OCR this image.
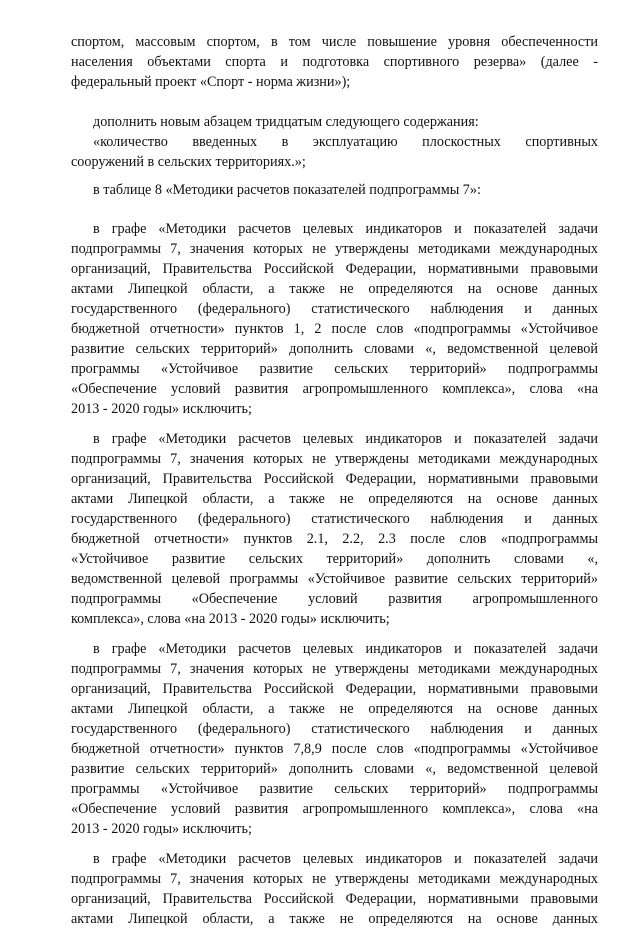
спортом, массовым спортом, в том числе повышение уровня обеспеченности
населения объектами спорта и подготовка спортивного резерва» (далее -
федеральный проект «Спорт - норма жизни»);
дополнить новым абзацем тридцатым следующего содержания:
«количество введенных в эксплуатацию плоскостных спортивных
сооружений в сельских территориях.»;
в таблице 8 «Методики расчетов показателей подпрограммы 7»:
в графе «Методики расчетов целевых индикаторов и показателей задачи
подпрограммы 7, значения которых не утверждены методиками международных
организаций, Правительства Российской Федерации, нормативными правовыми
актами Липецкой области, а также не определяются на основе данных
государственного (федерального) статистического наблюдения и данных
бюджетной отчетности» пунктов 1, 2 после слов «подпрограммы «Устойчивое
развитие сельских территорий» дополнить словами «, ведомственной целевой
программы «Устойчивое развитие сельских территорий» подпрограммы
«Обеспечение условий развития агропромышленного комплекса», слова «на
2013 - 2020 годы» исключить;
в графе «Методики расчетов целевых индикаторов и показателей задачи
подпрограммы 7, значения которых не утверждены методиками международных
организаций, Правительства Российской Федерации, нормативными правовыми
актами Липецкой области, а также не определяются на основе данных
государственного (федерального) статистического наблюдения и данных
бюджетной отчетности» пунктов 2.1, 2.2, 2.3 после слов «подпрограммы
«Устойчивое развитие сельских территорий» дополнить словами «,
ведомственной целевой программы «Устойчивое развитие сельских территорий»
подпрограммы «Обеспечение условий развития агропромышленного
комплекса», слова «на 2013 - 2020 годы» исключить;
в графе «Методики расчетов целевых индикаторов и показателей задачи
подпрограммы 7, значения которых не утверждены методиками международных
организаций, Правительства Российской Федерации, нормативными правовыми
актами Липецкой области, а также не определяются на основе данных
государственного (федерального) статистического наблюдения и данных
бюджетной отчетности» пунктов 7,8,9 после слов «подпрограммы «Устойчивое
развитие сельских территорий» дополнить словами «, ведомственной целевой
программы «Устойчивое развитие сельских территорий» подпрограммы
«Обеспечение условий развития агропромышленного комплекса», слова «на
2013 - 2020 годы» исключить;
в графе «Методики расчетов целевых индикаторов и показателей задачи
подпрограммы 7, значения которых не утверждены методиками международных
организаций, Правительства Российской Федерации, нормативными правовыми
актами Липецкой области, а также не определяются на основе данных
